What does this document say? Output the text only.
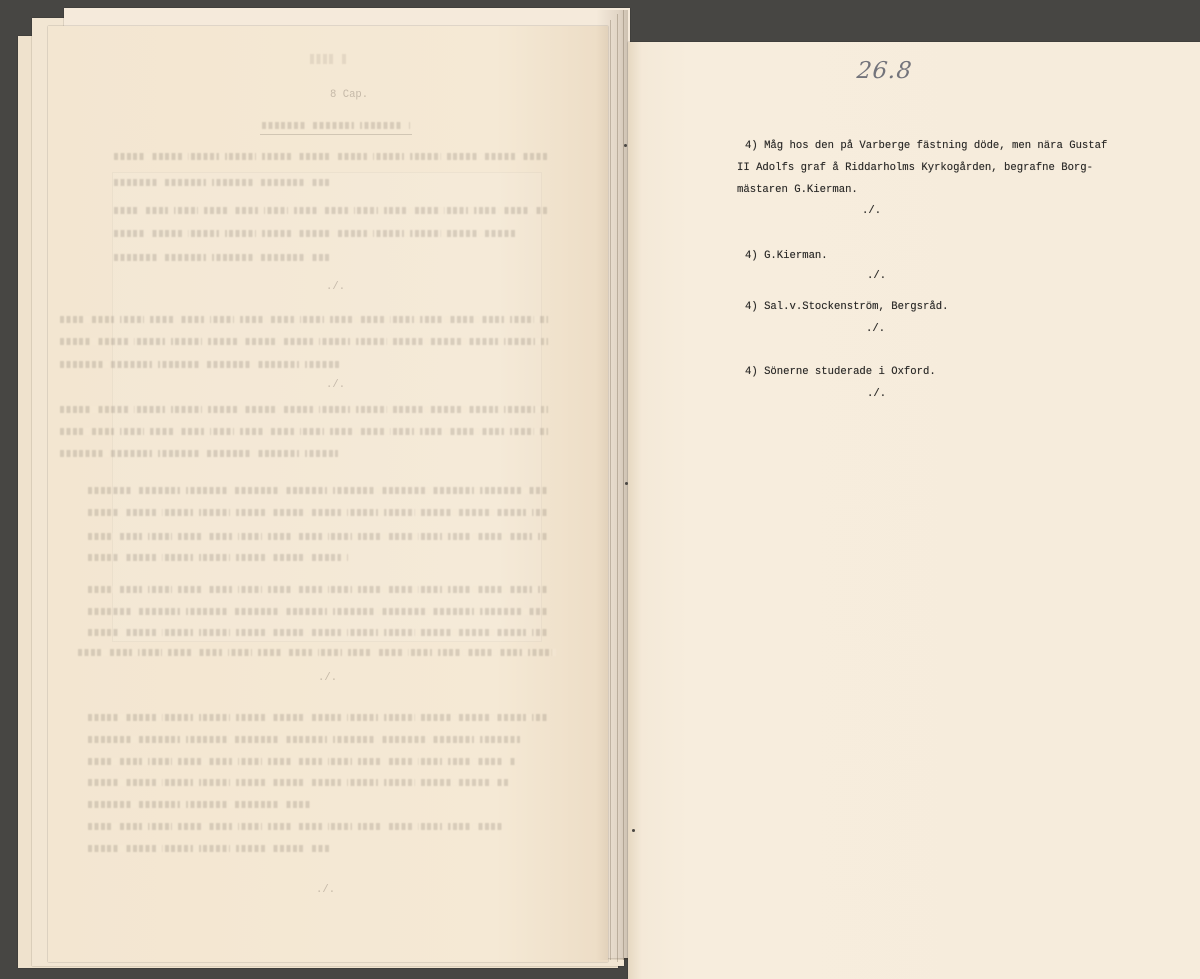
8 Cap.
./.
./.
./.
./.
26.8
4) Måg hos den på Varberge fästning döde, men nära Gustaf
II Adolfs graf å Riddarholms Kyrkogården, begrafne Borg-
mästaren G.Kierman.
./.
4) G.Kierman.
./.
4) Sal.v.Stockenström, Bergsråd.
./.
4) Sönerne studerade i Oxford.
./.
